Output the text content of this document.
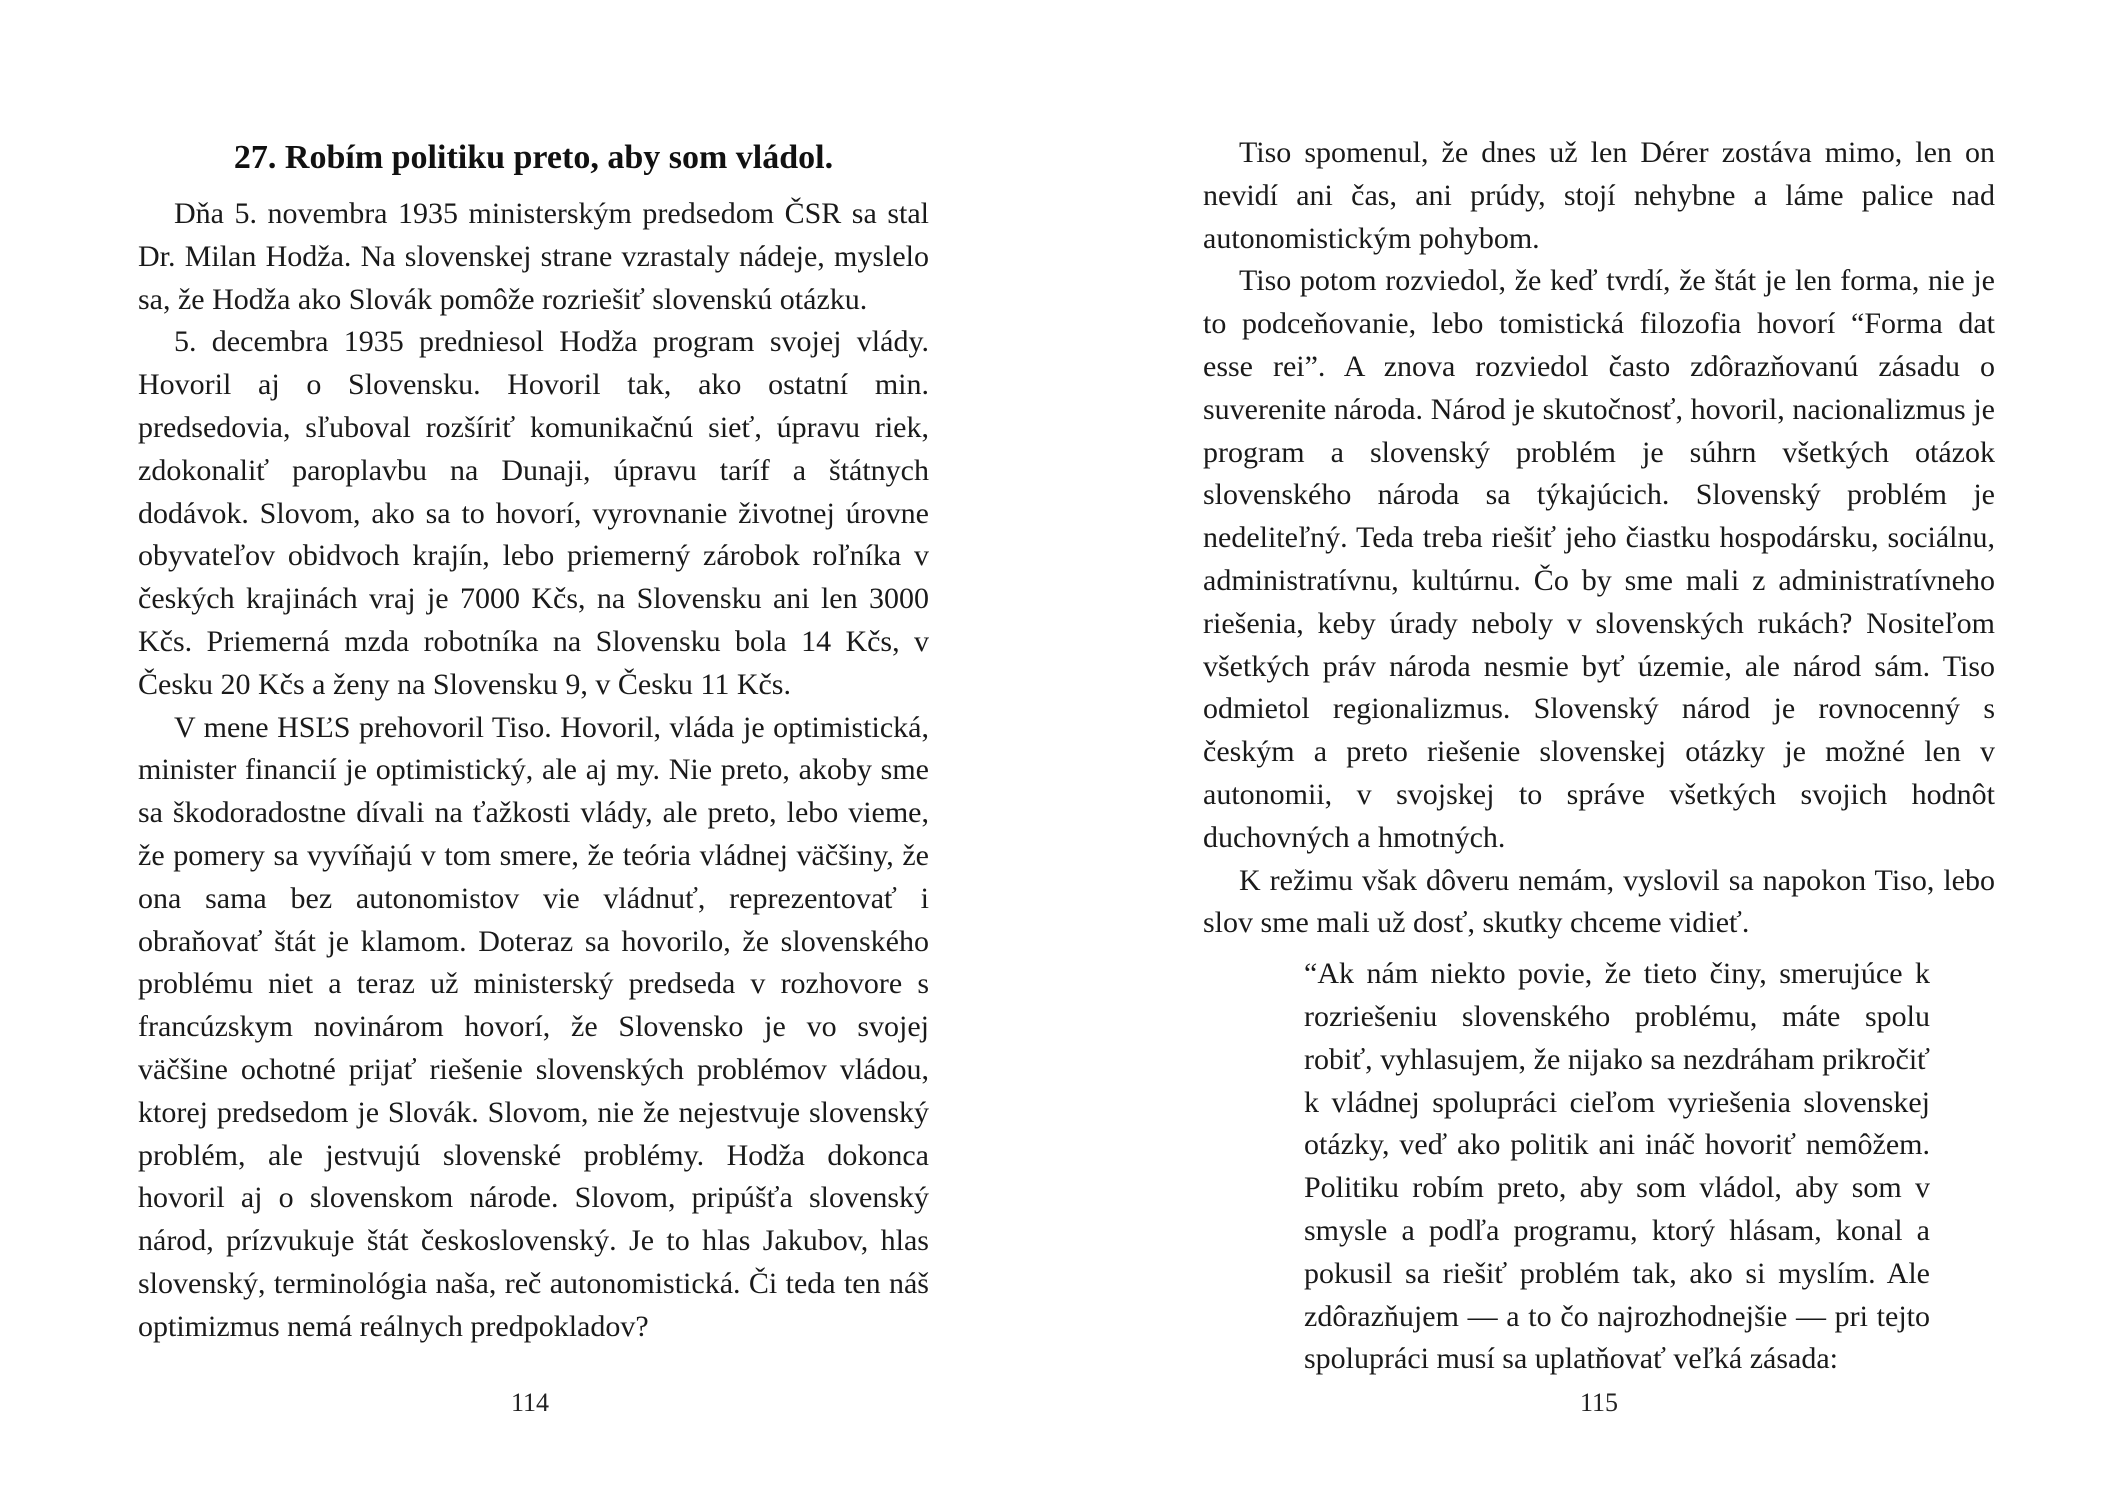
27. Robím politiku preto, aby som vládol.

Dňa 5. novembra 1935 ministerským predsedom ČSR sa stal Dr. Milan Hodža. Na slovenskej strane vzrastaly nádeje, myslelo sa, že Hodža ako Slovák pomôže rozriešiť slovenskú otázku.

5. decembra 1935 predniesol Hodža program svojej vlády. Hovoril aj o Slovensku. Hovoril tak, ako ostatní min. predsedovia, sľuboval rozšíriť komunikačnú sieť, úpravu riek, zdokonaliť paroplavbu na Dunaji, úpravu taríf a štátnych dodávok. Slovom, ako sa to hovorí, vyrovnanie životnej úrovne obyvateľov obidvoch krajín, lebo priemerný zárobok roľníka v českých krajinách vraj je 7000 Kčs, na Slovensku ani len 3000 Kčs. Priemerná mzda robotníka na Slovensku bola 14 Kčs, v Česku 20 Kčs a ženy na Slovensku 9, v Česku 11 Kčs.

V mene HSĽS prehovoril Tiso. Hovoril, vláda je optimistická, minister financií je optimistický, ale aj my. Nie preto, akoby sme sa škodoradostne dívali na ťažkosti vlády, ale preto, lebo vieme, že pomery sa vyvíňajú v tom smere, že teória vládnej väčšiny, že ona sama bez autonomistov vie vládnuť, reprezentovať i obraňovať štát je klamom. Doteraz sa hovorilo, že slovenského problému niet a teraz už ministerský predseda v rozhovore s francúzskym novinárom hovorí, že Slovensko je vo svojej väčšine ochotné prijať riešenie slovenských problémov vládou, ktorej predsedom je Slovák. Slovom, nie že nejestvuje slovenský problém, ale jestvujú slovenské problémy. Hodža dokonca hovoril aj o slovenskom národe. Slovom, pripúšťa slovenský národ, prízvukuje štát československý. Je to hlas Jakubov, hlas slovenský, terminológia naša, reč autonomistická. Či teda ten náš optimizmus nemá reálnych predpokladov?

114

Tiso spomenul, že dnes už len Dérer zostáva mimo, len on nevidí ani čas, ani prúdy, stojí nehybne a láme palice nad autonomistickým pohybom.

Tiso potom rozviedol, že keď tvrdí, že štát je len forma, nie je to podceňovanie, lebo tomistická filozofia hovorí “Forma dat esse rei”. A znova rozviedol často zdôrazňovanú zásadu o suverenite národa. Národ je skutočnosť, hovoril, nacionalizmus je program a slovenský problém je súhrn všetkých otázok slovenského národa sa týkajúcich. Slovenský problém je nedeliteľný. Teda treba riešiť jeho čiastku hospodársku, sociálnu, administratívnu, kultúrnu. Čo by sme mali z administratívneho riešenia, keby úrady neboly v slovenských rukách? Nositeľom všetkých práv národa nesmie byť územie, ale národ sám. Tiso odmietol regionalizmus. Slovenský národ je rovnocenný s českým a preto riešenie slovenskej otázky je možné len v autonomii, v svojskej to správe všetkých svojich hodnôt duchovných a hmotných.

K režimu však dôveru nemám, vyslovil sa napokon Tiso, lebo slov sme mali už dosť, skutky chceme vidieť.

“Ak nám niekto povie, že tieto činy, smerujúce k rozriešeniu slovenského problému, máte spolu robiť, vyhlasujem, že nijako sa nezdráham prikročiť k vládnej spolupráci cieľom vyriešenia slovenskej otázky, veď ako politik ani ináč hovoriť nemôžem. Politiku robím preto, aby som vládol, aby som v smysle a podľa programu, ktorý hlásam, konal a pokusil sa riešiť problém tak, ako si myslím. Ale zdôrazňujem — a to čo najrozhodnejšie — pri tejto spolupráci musí sa uplatňovať veľká zásada:

115
